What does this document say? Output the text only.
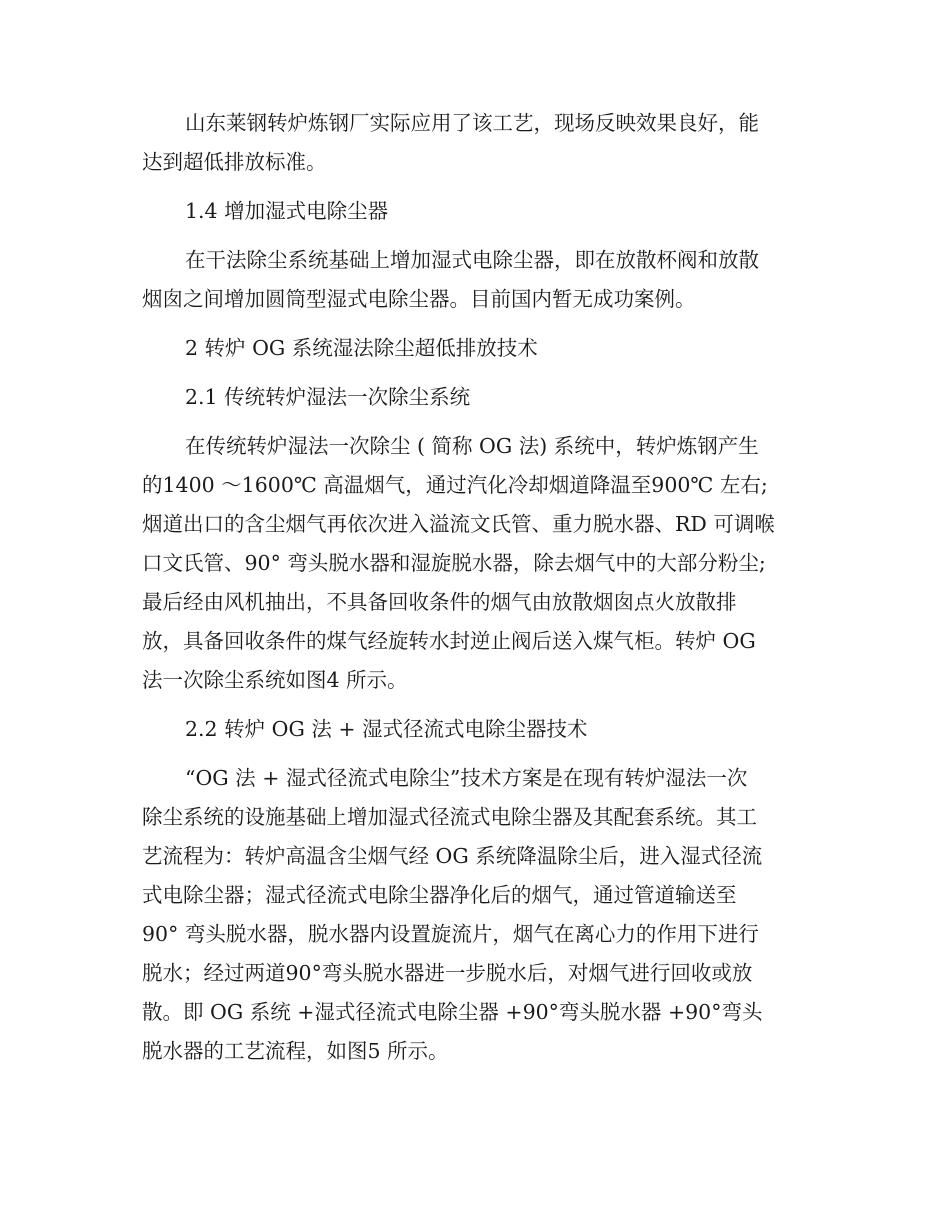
山东莱钢转炉炼钢厂实际应用了该工艺，现场反映效果良好，能
达到超低排放标准。
1.4 增加湿式电除尘器
在干法除尘系统基础上增加湿式电除尘器，即在放散杯阀和放散
烟囱之间增加圆筒型湿式电除尘器。目前国内暂无成功案例。
2 转炉 OG 系统湿法除尘超低排放技术
2.1 传统转炉湿法一次除尘系统
在传统转炉湿法一次除尘 ( 简称 OG 法) 系统中，转炉炼钢产生
的1400 ～1600℃ 高温烟气，通过汽化冷却烟道降温至900℃ 左右;
烟道出口的含尘烟气再依次进入溢流文氏管、重力脱水器、RD 可调喉
口文氏管、90° 弯头脱水器和湿旋脱水器，除去烟气中的大部分粉尘;
最后经由风机抽出，不具备回收条件的烟气由放散烟囱点火放散排
放，具备回收条件的煤气经旋转水封逆止阀后送入煤气柜。转炉 OG
法一次除尘系统如图4 所示。
2.2 转炉 OG 法 + 湿式径流式电除尘器技术
“OG 法 + 湿式径流式电除尘”技术方案是在现有转炉湿法一次
除尘系统的设施基础上增加湿式径流式电除尘器及其配套系统。其工
艺流程为：转炉高温含尘烟气经 OG 系统降温除尘后，进入湿式径流
式电除尘器；湿式径流式电除尘器净化后的烟气，通过管道输送至
90° 弯头脱水器，脱水器内设置旋流片，烟气在离心力的作用下进行
脱水；经过两道90°弯头脱水器进一步脱水后，对烟气进行回收或放
散。即 OG 系统 +湿式径流式电除尘器 +90°弯头脱水器 +90°弯头
脱水器的工艺流程，如图5 所示。
